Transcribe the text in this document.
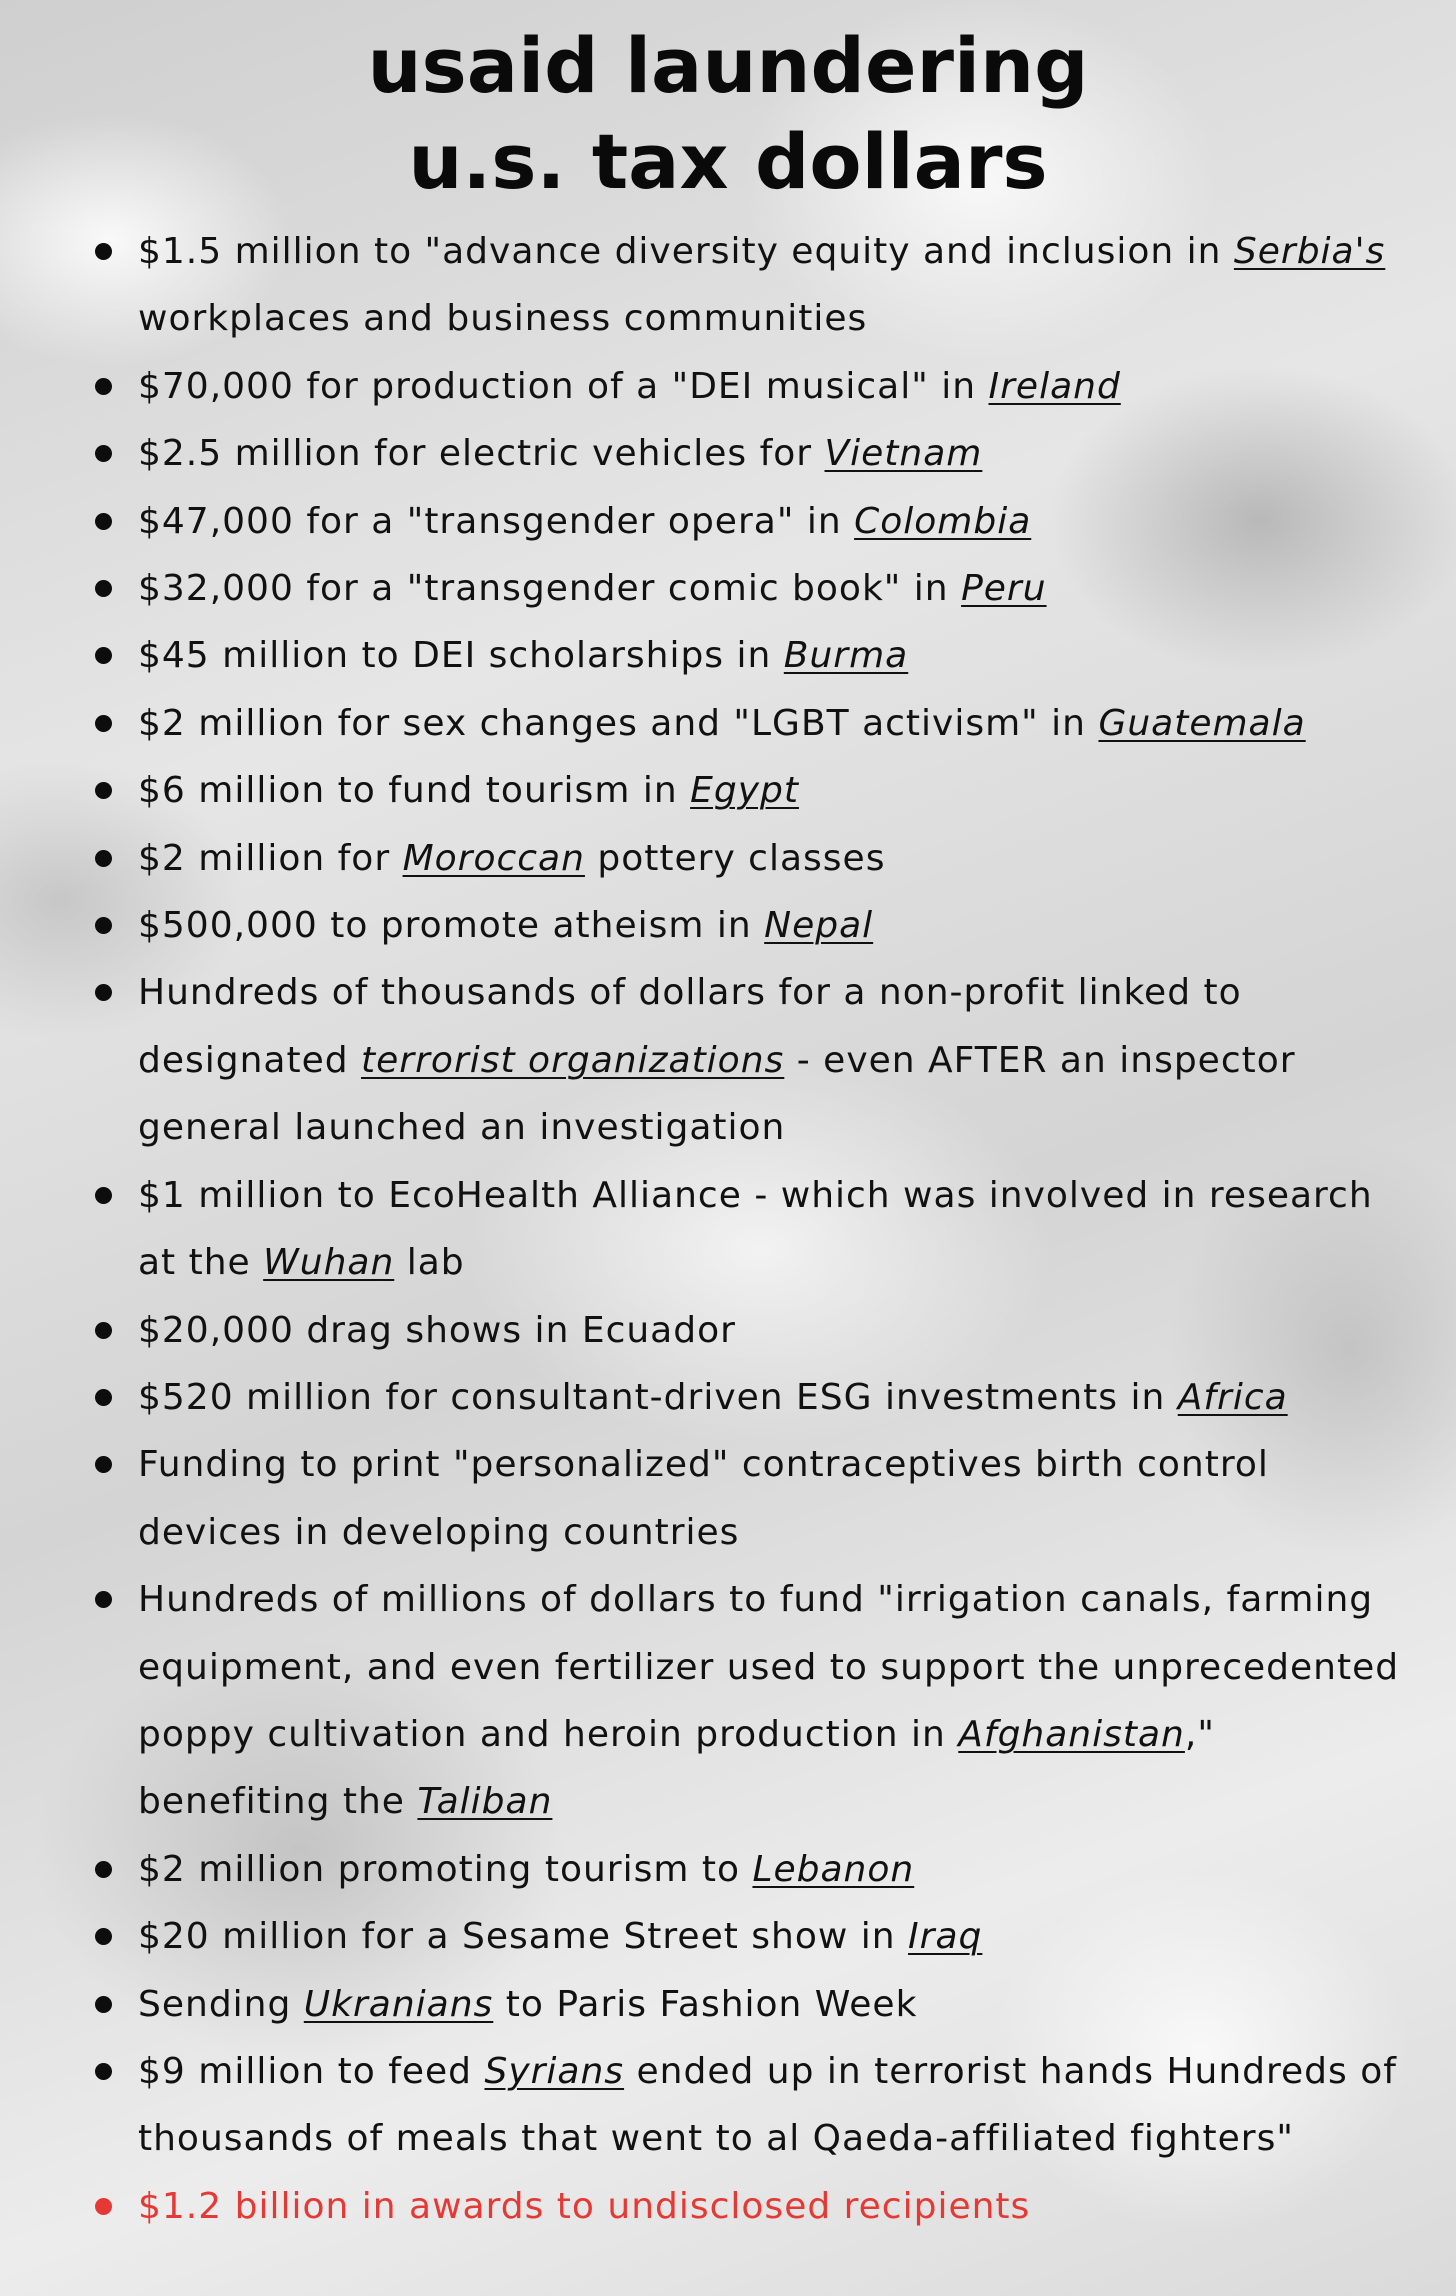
usaid laundering
u.s. tax dollars
$1.5 million to "advance diversity equity and inclusion in Serbia's workplaces and business communities
$70,000 for production of a "DEI musical" in Ireland
$2.5 million for electric vehicles for Vietnam
$47,000 for a "transgender opera" in Colombia
$32,000 for a "transgender comic book" in Peru
$45 million to DEI scholarships in Burma
$2 million for sex changes and "LGBT activism" in Guatemala
$6 million to fund tourism in Egypt
$2 million for Moroccan pottery classes
$500,000 to promote atheism in Nepal
Hundreds of thousands of dollars for a non-profit linked to designated terrorist organizations - even AFTER an inspector general launched an investigation
$1 million to EcoHealth Alliance - which was involved in research at the Wuhan lab
$20,000 drag shows in Ecuador
$520 million for consultant-driven ESG investments in Africa
Funding to print "personalized" contraceptives birth control devices in developing countries
Hundreds of millions of dollars to fund "irrigation canals, farming equipment, and even fertilizer used to support the unprecedented poppy cultivation and heroin production in Afghanistan," benefiting the Taliban
$2 million promoting tourism to Lebanon
$20 million for a Sesame Street show in Iraq
Sending Ukranians to Paris Fashion Week
$9 million to feed Syrians ended up in terrorist hands Hundreds of thousands of meals that went to al Qaeda-affiliated fighters"
$1.2 billion in awards to undisclosed recipients
